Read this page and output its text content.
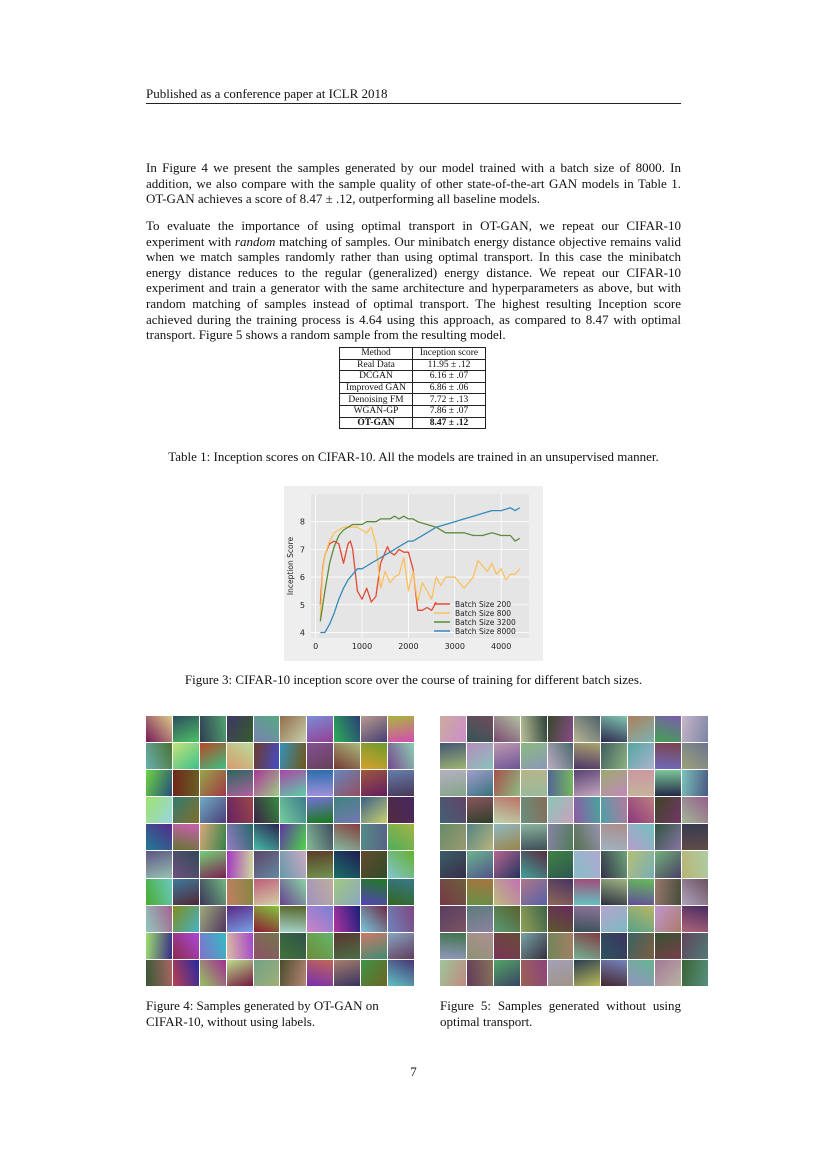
Published as a conference paper at ICLR 2018

In Figure 4 we present the samples generated by our model trained with a batch size of 8000. In addition, we also compare with the sample quality of other state-of-the-art GAN models in Table 1. OT-GAN achieves a score of 8.47 ± .12, outperforming all baseline models.

To evaluate the importance of using optimal transport in OT-GAN, we repeat our CIFAR-10 experiment with random matching of samples. Our minibatch energy distance objective remains valid when we match samples randomly rather than using optimal transport. In this case the minibatch energy distance reduces to the regular (generalized) energy distance. We repeat our CIFAR-10 experiment and train a generator with the same architecture and hyperparameters as above, but with random matching of samples instead of optimal transport. The highest resulting Inception score achieved during the training process is 4.64 using this approach, as compared to 8.47 with optimal transport. Figure 5 shows a random sample from the resulting model.

Method	Inception score
Real Data	11.95 ± .12
DCGAN	6.16 ± .07
Improved GAN	6.86 ± .06
Denoising FM	7.72 ± .13
WGAN-GP	7.86 ± .07
OT-GAN	8.47 ± .12
Table 1: Inception scores on CIFAR-10. All the models are trained in an unsupervised manner.
0	1000	2000	3000	4000
4
5
6
7
8
Inception Score
Batch Size 200
Batch Size 800
Batch Size 3200
Batch Size 8000
Figure 3: CIFAR-10 inception score over the course of training for different batch sizes.
Figure 4: Samples generated by OT-GAN on CIFAR-10, without using labels.
Figure 5: Samples generated without using optimal transport.
7
